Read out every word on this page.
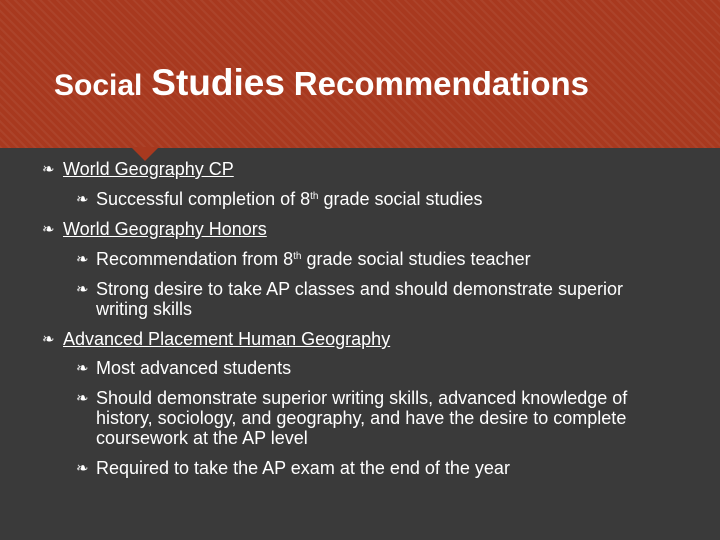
Social Studies Recommendations
❧ World Geography CP
❧ Successful completion of 8th grade social studies
❧ World Geography Honors
❧ Recommendation from 8th grade social studies teacher
❧ Strong desire to take AP classes and should demonstrate superior
writing skills
❧ Advanced Placement Human Geography
❧ Most advanced students
❧ Should demonstrate superior writing skills, advanced knowledge of
history, sociology, and geography, and have the desire to complete
coursework at the AP level
❧ Required to take the AP exam at the end of the year
